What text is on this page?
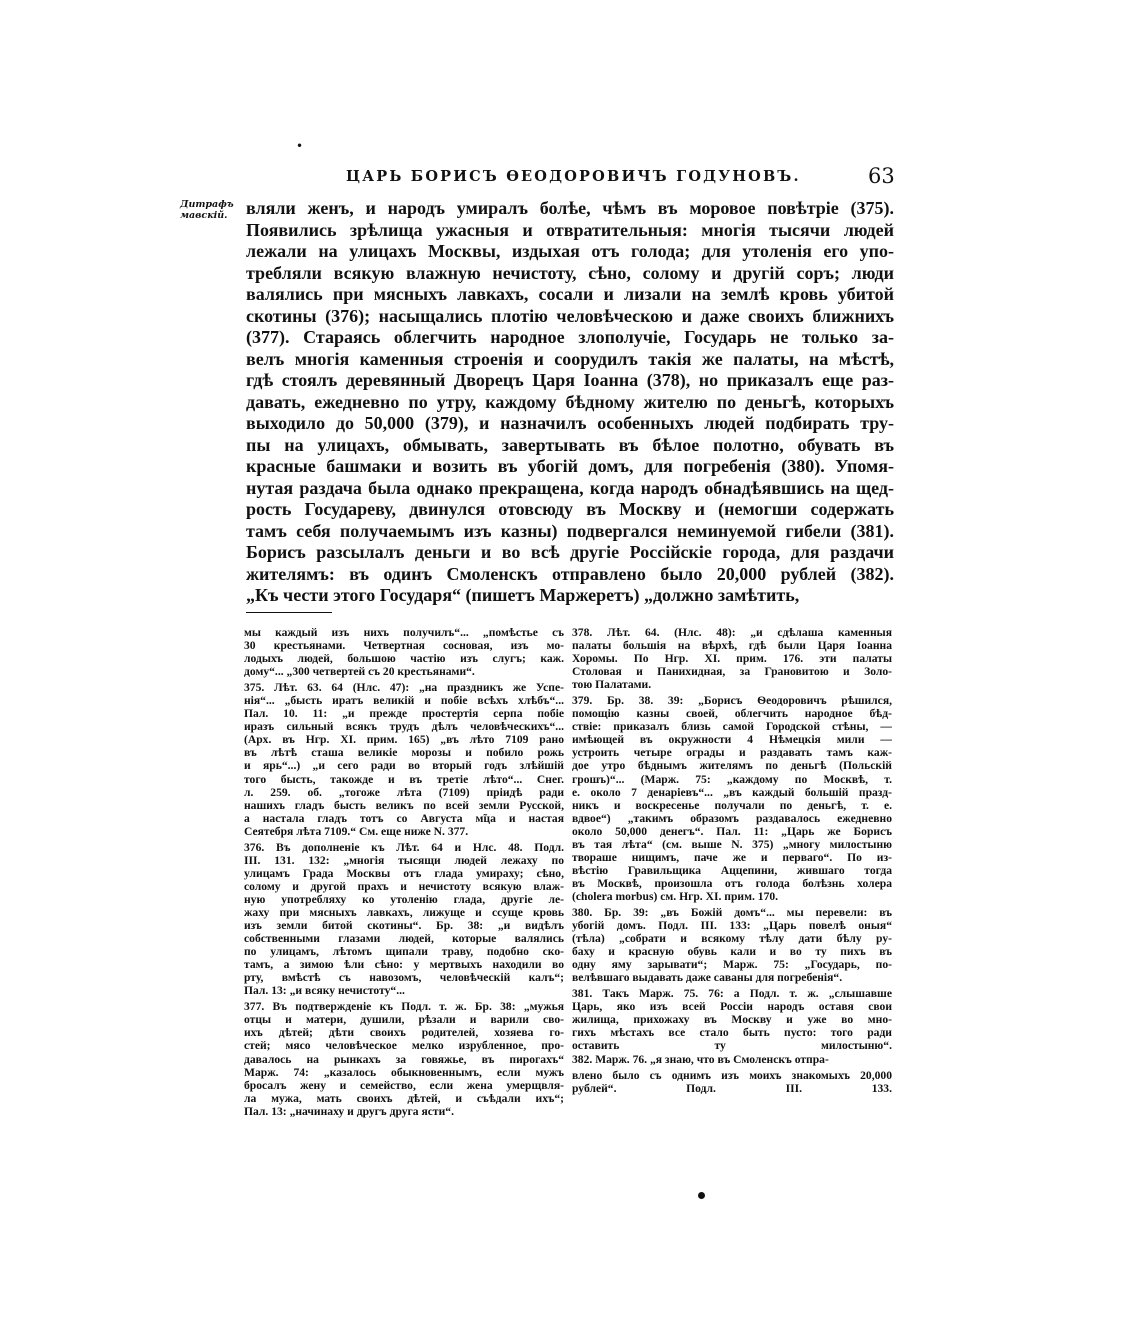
•
ЦАРЬ БОРИСЪ ѲЕОДОРОВИЧЪ ГОДУНОВЪ.	63
Дитрафъ
мавскій.	вляли женъ, и народъ умиралъ болѣе, чѣмъ въ моровое повѣтріе (375).
Появились зрѣлища ужасныя и отвратительныя: многія тысячи людей
лежали на улицахъ Москвы, издыхая отъ голода; для утоленія его упо-
требляли всякую влажную нечистоту, сѣно, солому и другій соръ; люди
валялись при мясныхъ лавкахъ, сосали и лизали на землѣ кровь убитой
скотины (376); насыщались плотію человѣческою и даже своихъ ближнихъ
(377). Стараясь облегчить народное злополучіе, Государь не только за-
велъ многія каменныя строенія и соорудилъ такія же палаты, на мѣстѣ,
гдѣ стоялъ деревянный Дворецъ Царя Іоанна (378), но приказалъ еще раз-
давать, ежедневно по утру, каждому бѣдному жителю по деньгѣ, которыхъ
выходило до 50,000 (379), и назначилъ особенныхъ людей подбирать тру-
пы на улицахъ, обмывать, завертывать въ бѣлое полотно, обувать въ
красные башмаки и возить въ убогій домъ, для погребенія (380). Упомя-
нутая раздача была однако прекращена, когда народъ обнадѣявшись на щед-
рость Государеву, двинулся отовсюду въ Москву и (немогши содержать
тамъ себя получаемымъ изъ казны) подвергался неминуемой гибели (381).
Борисъ разсылалъ деньги и во всѣ другіе Россійскіе города, для раздачи
жителямъ: въ одинъ Смоленскъ отправлено было 20,000 рублей (382).
„Къ чести этого Государя“ (пишетъ Маржеретъ) „должно замѣтить,
мы каждый изъ нихъ получилъ“... „помѣстье съ
30 крестьянами. Четвертная сосновая, изъ мо-
лодыхъ людей, большою частію изъ слугъ; каж.
дому“... „300 четвертей съ 20 крестьянами“.
375. Лѣт. 63. 64 (Нлс. 47): „на праздникъ же Успе-
нія“... „бысть иратъ великій и побіе всѣхъ хлѣбъ“...
Пал. 10. 11: „и прежде простертія серпа побіе
иразъ сильный всякъ трудъ дѣлъ человѣческихъ“...
(Арх. въ Нгр. XI. прим. 165) „въ лѣто 7109 рано
въ лѣтѣ сташа великіе морозы и побило рожь
и ярь“...) „и сего ради во вторый годъ злѣйшій
того бысть, такожде и въ третіе лѣто“... Снег.
л. 259. об. „тогоже лѣта (7109) пріидѣ ради
нашихъ гладъ бысть великъ по всей земли Русской,
а настала гладъ тотъ со Августа м̃ца и настая
Сеятебря лѣта 7109.“ См. еще ниже N. 377.
376. Въ дополненіе къ Лѣт. 64 и Нлс. 48. Подл.
III. 131. 132: „многія тысящи людей лежаху по
улицамъ Града Москвы отъ глада умираху; сѣно,
солому и другой прахъ и нечистоту всякую влаж-
ную употребляху ко утоленію глада, другіе ле-
жаху при мясныхъ лавкахъ, лижуще и ссуще кровь
изъ земли битой скотины“. Бр. 38: „и видѣлъ
собственными глазами людей, которые валялись
по улицамъ, лѣтомъ щипали траву, подобно ско-
тамъ, а зимою ѣли сѣно: у мертвыхъ находили во
рту, вмѣстѣ съ навозомъ, человѣческій калъ“;
Пал. 13: „и всяку нечистоту“...
377. Въ подтвержденіе къ Подл. т. ж. Бр. 38: „мужья
отцы и матери, душили, рѣзали и варили сво-
ихъ дѣтей; дѣти своихъ родителей, хозяева го-
стей; мясо человѣческое мелко изрубленное, про-
давалось на рынкахъ за говяжье, въ пирогахъ“
Марж. 74: „казалось обыкновеннымъ, если мужъ
бросалъ жену и семейство, если жена умерщвля-
ла мужа, мать своихъ дѣтей, и съѣдали ихъ“;
Пал. 13: „начинаху и другъ друга ясти“.
378. Лѣт. 64. (Нлс. 48): „и сдѣлаша каменныя
палаты большія на вѣрхѣ, гдѣ были Царя Іоанна
Хоромы. По Нгр. XI. прим. 176. эти палаты
Столовая и Панихидная, за Грановитою и Золо-
тою Палатами.
379. Бр. 38. 39: „Борисъ Ѳеодоровичъ рѣшился,
помощію казны своей, облегчить народное бѣд-
ствіе: приказалъ близь самой Городской стѣны, —
имѣющей въ окружности 4 Нѣмецкія мили —
устроить четыре ограды и раздавать тамъ каж-
дое утро бѣднымъ жителямъ по деньгѣ (Польскій
грошъ)“... (Марж. 75: „каждому по Москвѣ, т.
е. около 7 денаріевъ“... „въ каждый большій празд-
никъ и воскресенье получали по деньгѣ, т. е.
вдвое“) „такимъ образомъ раздавалось ежедневно
около 50,000 денегъ“. Пал. 11: „Царь же Борисъ
въ тая лѣта“ (см. выше N. 375) „многу милостыню
твораше нищимъ, паче же и перваго“. По из-
вѣстію Гравильщика Аццепини, жившаго тогда
въ Москвѣ, произошла отъ голода болѣзнь холера
(cholera morbus) см. Нгр. XI. прим. 170.
380. Бр. 39: „въ Божій домъ“... мы перевели: въ
убогій домъ. Подл. III. 133: „Царь повелѣ оныя“
(тѣла) „собрати и всякому тѣлу дати бѣлу ру-
баху и красную обувь кали и во ту пихъ въ
одну яму зарывати“; Марж. 75: „Государь, по-
велѣвшаго выдавать даже саваны для погребенія“.
381. Такъ Марж. 75. 76: а Подл. т. ж. „слышавше
Царь, яко изъ всей Россіи народъ оставя свои
жилища, прихожаху въ Москву и уже во мно-
гихъ мѣстахъ все стало быть пусто: того ради
оставить ту милостыню“.
382. Марж. 76. „я знаю, что въ Смоленскъ отпра-
влено было съ однимъ изъ моихъ знакомыхъ 20,000
рублей“. Подл. III. 133.
